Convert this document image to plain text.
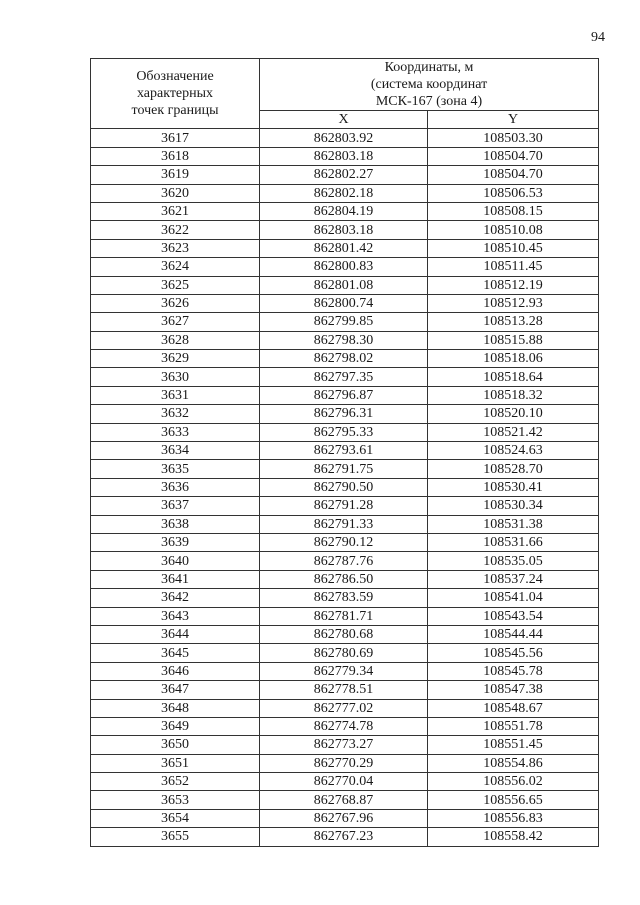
94
Обозначение
характерных
точек границы	Координаты, м
(система координат
МСК-167 (зона 4)	

	X	Y
3617	862803.92	108503.30
3618	862803.18	108504.70
3619	862802.27	108504.70
3620	862802.18	108506.53
3621	862804.19	108508.15
3622	862803.18	108510.08
3623	862801.42	108510.45
3624	862800.83	108511.45
3625	862801.08	108512.19
3626	862800.74	108512.93
3627	862799.85	108513.28
3628	862798.30	108515.88
3629	862798.02	108518.06
3630	862797.35	108518.64
3631	862796.87	108518.32
3632	862796.31	108520.10
3633	862795.33	108521.42
3634	862793.61	108524.63
3635	862791.75	108528.70
3636	862790.50	108530.41
3637	862791.28	108530.34
3638	862791.33	108531.38
3639	862790.12	108531.66
3640	862787.76	108535.05
3641	862786.50	108537.24
3642	862783.59	108541.04
3643	862781.71	108543.54
3644	862780.68	108544.44
3645	862780.69	108545.56
3646	862779.34	108545.78
3647	862778.51	108547.38
3648	862777.02	108548.67
3649	862774.78	108551.78
3650	862773.27	108551.45
3651	862770.29	108554.86
3652	862770.04	108556.02
3653	862768.87	108556.65
3654	862767.96	108556.83
3655	862767.23	108558.42
